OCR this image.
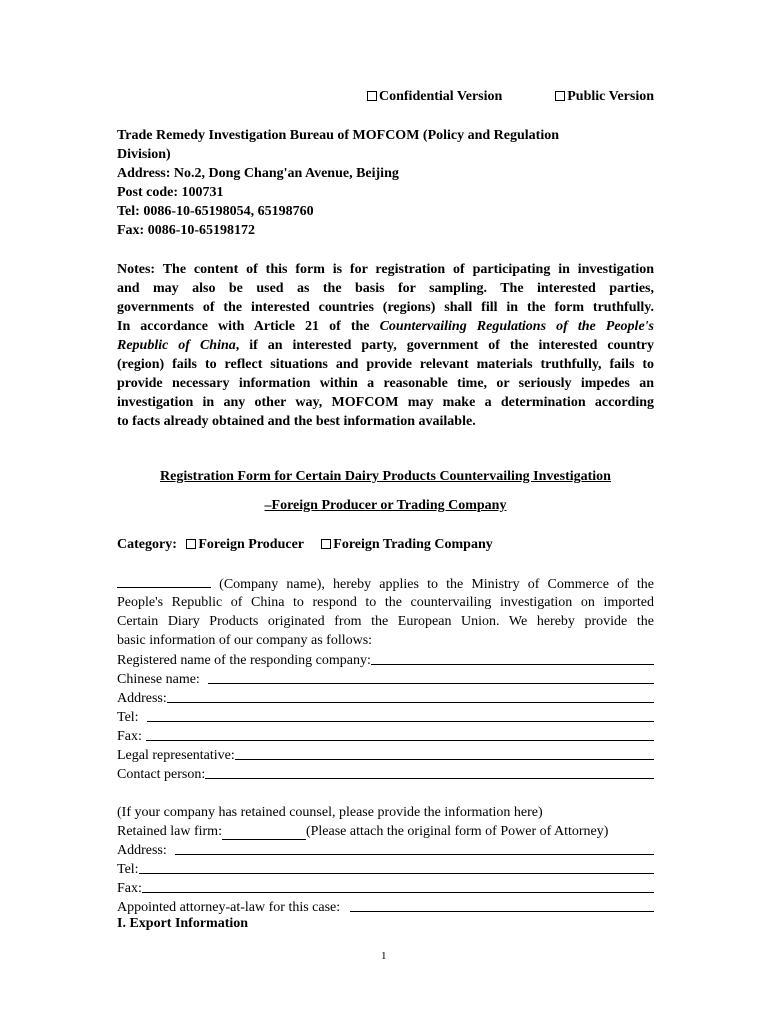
Confidential Version	Public Version
Trade Remedy Investigation Bureau of MOFCOM (Policy and Regulation
Division)
Address: No.2, Dong Chang'an Avenue, Beijing
Post code: 100731
Tel: 0086-10-65198054, 65198760
Fax: 0086-10-65198172
Notes: The content of this form is for registration of participating in investigation
and may also be used as the basis for sampling. The interested parties,
governments of the interested countries (regions) shall fill in the form truthfully.
In accordance with Article 21 of the Countervailing Regulations of the People's
Republic of China, if an interested party, government of the interested country
(region) fails to reflect situations and provide relevant materials truthfully, fails to
provide necessary information within a reasonable time, or seriously impedes an
investigation in any other way, MOFCOM may make a determination according
to facts already obtained and the best information available.
Registration Form for Certain Dairy Products Countervailing Investigation
–Foreign Producer or Trading Company
Category: Foreign Producer Foreign Trading Company
(Company name), hereby applies to the Ministry of Commerce of the
People's Republic of China to respond to the countervailing investigation on imported
Certain Diary Products originated from the European Union. We hereby provide the
basic information of our company as follows:
Registered name of the responding company:
Chinese name:
Address:
Tel:
Fax:
Legal representative:
Contact person:
(If your company has retained counsel, please provide the information here)
Retained law firm:	(Please attach the original form of Power of Attorney)
Address:
Tel:
Fax:
Appointed attorney-at-law for this case:
I. Export Information
1
